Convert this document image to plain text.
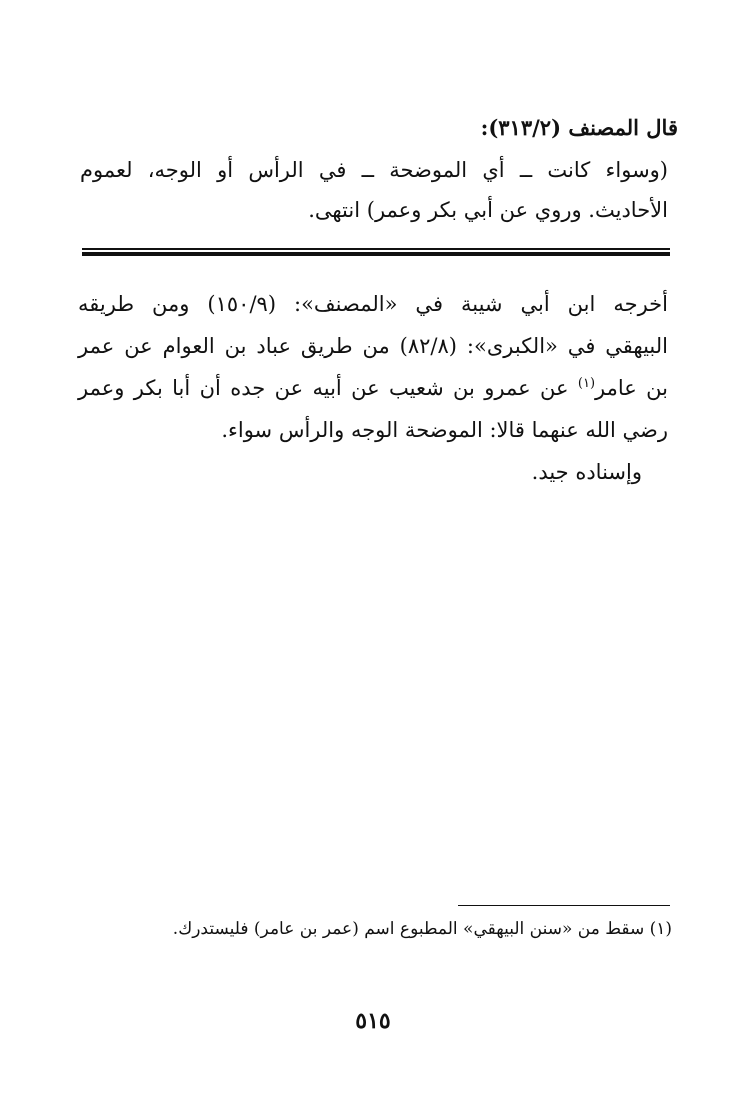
قال المصنف (٣١٣/٢):
(وسواء كانت ــ أي الموضحة ــ في الرأس أو الوجه، لعموم
الأحاديث. وروي عن أبي بكر وعمر) انتهى.
أخرجه ابن أبي شيبة في «المصنف»: (١٥٠/٩) ومن طريقه
البيهقي في «الكبرى»: (٨٢/٨) من طريق عباد بن العوام عن عمر
بن عامر$^{(١)}$ عن عمرو بن شعيب عن أبيه عن جده أن أبا بكر وعمر
رضي الله عنهما قالا: الموضحة الوجه والرأس سواء.
وإسناده جيد.
(١) سقط من «سنن البيهقي» المطبوع اسم (عمر بن عامر) فليستدرك.
٥١٥
